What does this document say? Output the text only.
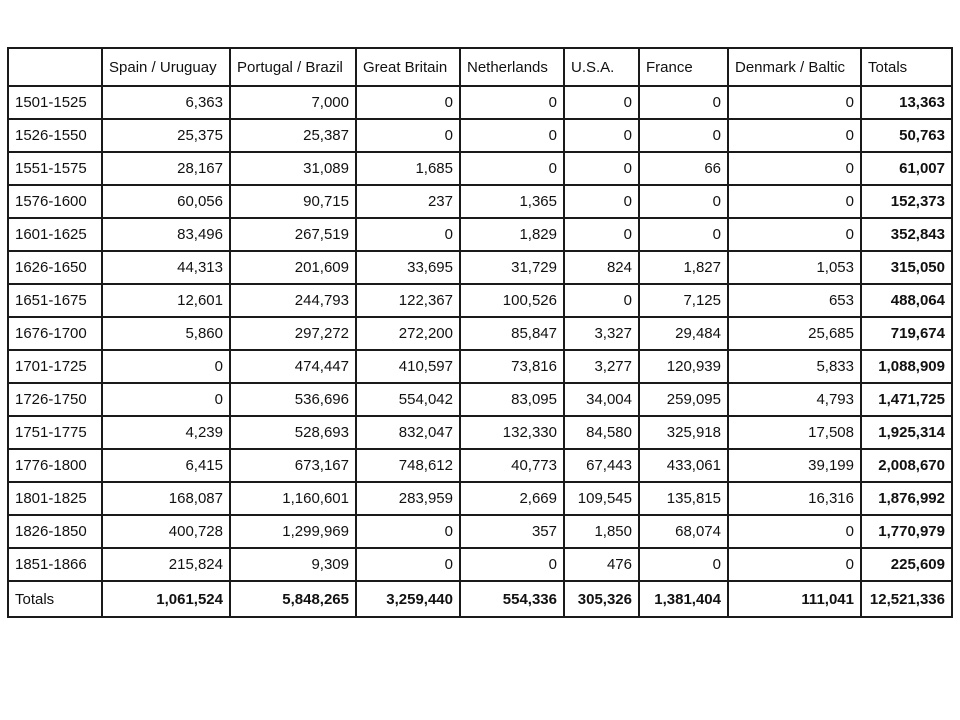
	Spain / Uruguay	Portugal / Brazil	Great Britain	Netherlands	U.S.A.	France	Denmark / Baltic	Totals
1501-1525	6,363	7,000	0	0	0	0	0	13,363
1526-1550	25,375	25,387	0	0	0	0	0	50,763
1551-1575	28,167	31,089	1,685	0	0	66	0	61,007
1576-1600	60,056	90,715	237	1,365	0	0	0	152,373
1601-1625	83,496	267,519	0	1,829	0	0	0	352,843
1626-1650	44,313	201,609	33,695	31,729	824	1,827	1,053	315,050
1651-1675	12,601	244,793	122,367	100,526	0	7,125	653	488,064
1676-1700	5,860	297,272	272,200	85,847	3,327	29,484	25,685	719,674
1701-1725	0	474,447	410,597	73,816	3,277	120,939	5,833	1,088,909
1726-1750	0	536,696	554,042	83,095	34,004	259,095	4,793	1,471,725
1751-1775	4,239	528,693	832,047	132,330	84,580	325,918	17,508	1,925,314
1776-1800	6,415	673,167	748,612	40,773	67,443	433,061	39,199	2,008,670
1801-1825	168,087	1,160,601	283,959	2,669	109,545	135,815	16,316	1,876,992
1826-1850	400,728	1,299,969	0	357	1,850	68,074	0	1,770,979
1851-1866	215,824	9,309	0	0	476	0	0	225,609
Totals	1,061,524	5,848,265	3,259,440	554,336	305,326	1,381,404	111,041	12,521,336
